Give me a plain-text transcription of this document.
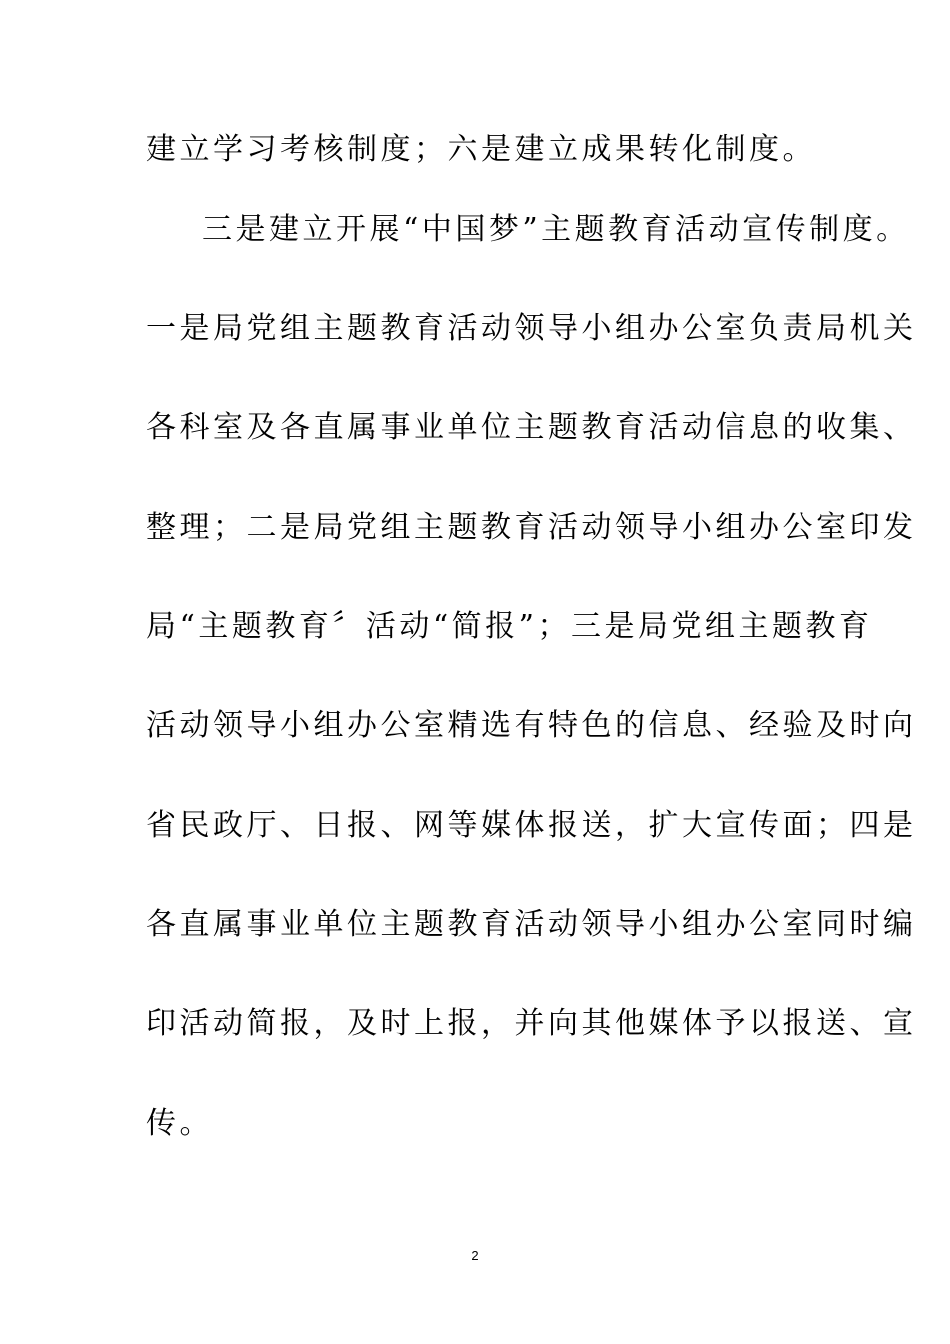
建立学习考核制度；六是建立成果转化制度。
三是建立开展“中国梦”主题教育活动宣传制度。
一是局党组主题教育活动领导小组办公室负责局机关
各科室及各直属事业单位主题教育活动信息的收集、
整理；二是局党组主题教育活动领导小组办公室印发
局“主题教育〞活动“简报”；三是局党组主题教育
活动领导小组办公室精选有特色的信息、经验及时向
省民政厅、日报、网等媒体报送，扩大宣传面；四是
各直属事业单位主题教育活动领导小组办公室同时编
印活动简报，及时上报，并向其他媒体予以报送、宣
传。
2
